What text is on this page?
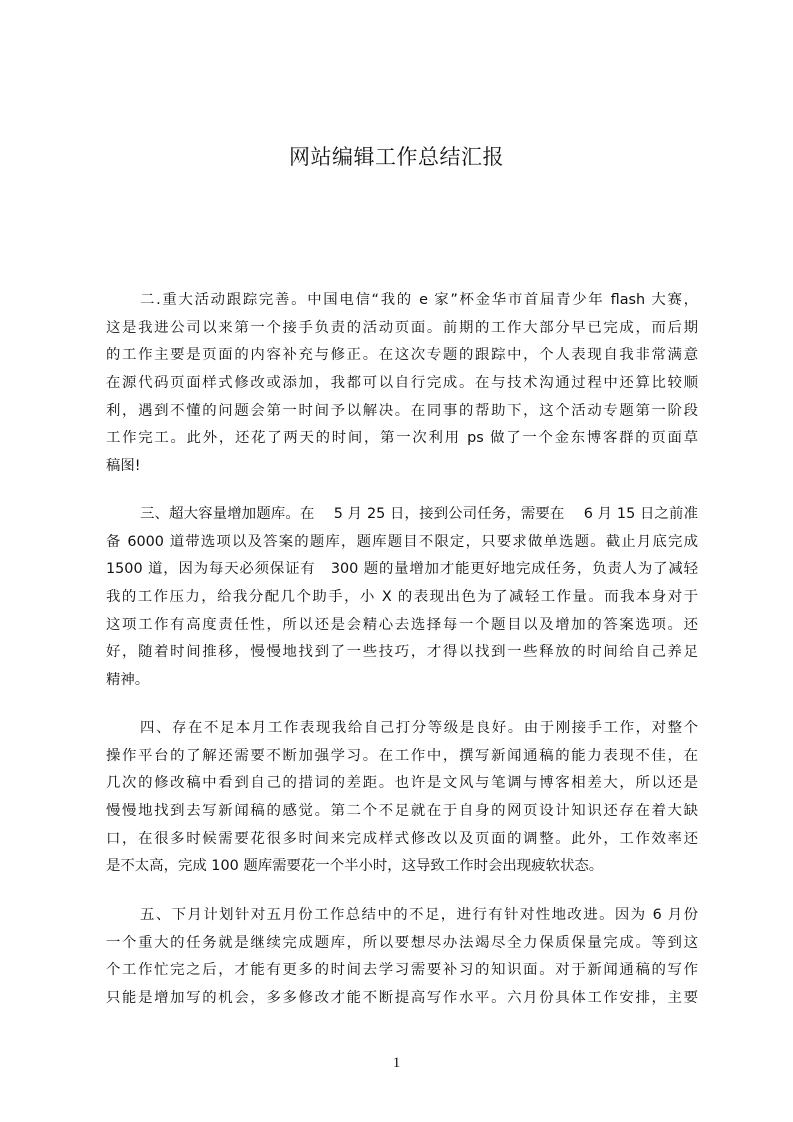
网站编辑工作总结汇报
二.重大活动跟踪完善。中国电信“我的 e 家”杯金华市首届青少年 flash 大赛，
这是我进公司以来第一个接手负责的活动页面。前期的工作大部分早已完成，而后期
的工作主要是页面的内容补充与修正。在这次专题的跟踪中，个人表现自我非常满意
在源代码页面样式修改或添加，我都可以自行完成。在与技术沟通过程中还算比较顺
利，遇到不懂的问题会第一时间予以解决。在同事的帮助下，这个活动专题第一阶段
工作完工。此外，还花了两天的时间，第一次利用 ps 做了一个金东博客群的页面草
稿图!
三、超大容量增加题库。在　 5 月 25 日，接到公司任务，需要在　 6 月 15 日之前准
备 6000 道带选项以及答案的题库，题库题目不限定，只要求做单选题。截止月底完成
1500 道，因为每天必须保证有　300 题的量增加才能更好地完成任务，负责人为了减轻
我的工作压力，给我分配几个助手，小 X 的表现出色为了减轻工作量。而我本身对于
这项工作有高度责任性，所以还是会精心去选择每一个题目以及增加的答案选项。还
好，随着时间推移，慢慢地找到了一些技巧，才得以找到一些释放的时间给自己养足
精神。
四、存在不足本月工作表现我给自己打分等级是良好。由于刚接手工作，对整个
操作平台的了解还需要不断加强学习。在工作中，撰写新闻通稿的能力表现不佳，在
几次的修改稿中看到自己的措词的差距。也许是文风与笔调与博客相差大，所以还是
慢慢地找到去写新闻稿的感觉。第二个不足就在于自身的网页设计知识还存在着大缺
口，在很多时候需要花很多时间来完成样式修改以及页面的调整。此外，工作效率还
是不太高，完成 100 题库需要花一个半小时，这导致工作时会出现疲软状态。
五、下月计划针对五月份工作总结中的不足，进行有针对性地改进。因为 6 月份
一个重大的任务就是继续完成题库，所以要想尽办法竭尽全力保质保量完成。等到这
个工作忙完之后，才能有更多的时间去学习需要补习的知识面。对于新闻通稿的写作
只能是增加写的机会，多多修改才能不断提高写作水平。六月份具体工作安排，主要
1
